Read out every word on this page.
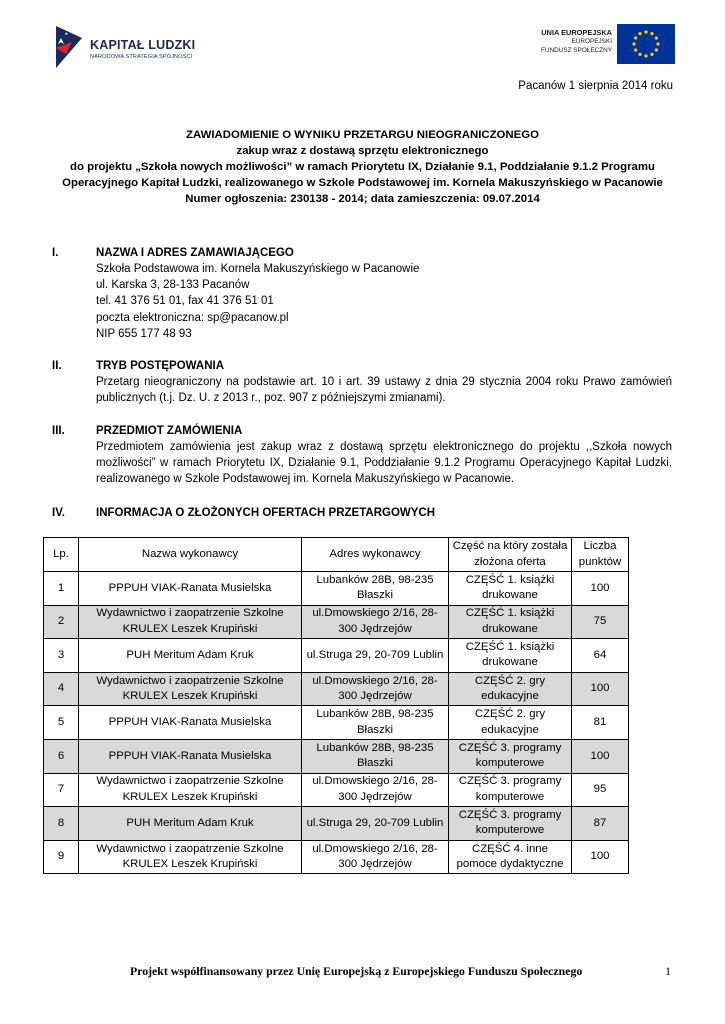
KAPITAŁ LUDZKI
NARODOWA STRATEGIA SPÓJNOŚCI
UNIA EUROPEJSKA
EUROPEJSKI
FUNDUSZ SPOŁECZNY
Pacanów 1 sierpnia 2014 roku
ZAWIADOMIENIE O WYNIKU PRZETARGU NIEOGRANICZONEGO
zakup wraz z dostawą sprzętu elektronicznego
do projektu „Szkoła nowych możliwości” w ramach Priorytetu IX, Działanie 9.1, Poddziałanie 9.1.2 Programu
Operacyjnego Kapitał Ludzki, realizowanego w Szkole Podstawowej im. Kornela Makuszyńskiego w Pacanowie
Numer ogłoszenia: 230138 - 2014; data zamieszczenia: 09.07.2014
I.	NAZWA I ADRES ZAMAWIAJĄCEGO
Szkoła Podstawowa im. Kornela Makuszyńskiego w Pacanowie
ul. Karska 3, 28-133 Pacanów
tel. 41 376 51 01, fax 41 376 51 01
poczta elektroniczna: sp@pacanow.pl
NIP 655 177 48 93
II.	TRYB POSTĘPOWANIA
Przetarg nieograniczony na podstawie art. 10 i art. 39 ustawy z dnia 29 stycznia 2004 roku Prawo zamówień publicznych (t.j. Dz. U. z 2013 r., poz. 907 z późniejszymi zmianami).
III.	PRZEDMIOT ZAMÓWIENIA
Przedmiotem zamówienia jest zakup wraz z dostawą sprzętu elektronicznego do projektu ,,Szkoła nowych możliwości” w ramach Priorytetu IX, Działanie 9.1, Poddziałanie 9.1.2 Programu Operacyjnego Kapitał Ludzki, realizowanego w Szkole Podstawowej im. Kornela Makuszyńskiego w Pacanowie.
IV.	INFORMACJA O ZŁOŻONYCH OFERTACH PRZETARGOWYCH
Lp.	Nazwa wykonawcy	Adres wykonawcy	Część na który została złożona oferta	Liczba punktów
1	PPPUH VIAK-Ranata Musielska	Lubanków 28B, 98-235 Błaszki	CZĘŚĆ 1. książki drukowane	100
2	Wydawnictwo i zaopatrzenie Szkolne KRULEX Leszek Krupiński	ul.Dmowskiego 2/16, 28-300 Jędrzejów	CZĘŚĆ 1. książki drukowane	75
3	PUH Meritum Adam Kruk	ul.Struga 29, 20-709 Lublin	CZĘŚĆ 1. książki drukowane	64
4	Wydawnictwo i zaopatrzenie Szkolne KRULEX Leszek Krupiński	ul.Dmowskiego 2/16, 28-300 Jędrzejów	CZĘŚĆ 2. gry edukacyjne	100
5	PPPUH VIAK-Ranata Musielska	Lubanków 28B, 98-235 Błaszki	CZĘŚĆ 2. gry edukacyjne	81
6	PPPUH VIAK-Ranata Musielska	Lubanków 28B, 98-235 Błaszki	CZĘŚĆ 3. programy komputerowe	100
7	Wydawnictwo i zaopatrzenie Szkolne KRULEX Leszek Krupiński	ul.Dmowskiego 2/16, 28-300 Jędrzejów	CZĘŚĆ 3. programy komputerowe	95
8	PUH Meritum Adam Kruk	ul.Struga 29, 20-709 Lublin	CZĘŚĆ 3. programy komputerowe	87
9	Wydawnictwo i zaopatrzenie Szkolne KRULEX Leszek Krupiński	ul.Dmowskiego 2/16, 28-300 Jędrzejów	CZĘŚĆ 4. inne pomoce dydaktyczne	100
Projekt współfinansowany przez Unię Europejską z Europejskiego Funduszu Społecznego	1
